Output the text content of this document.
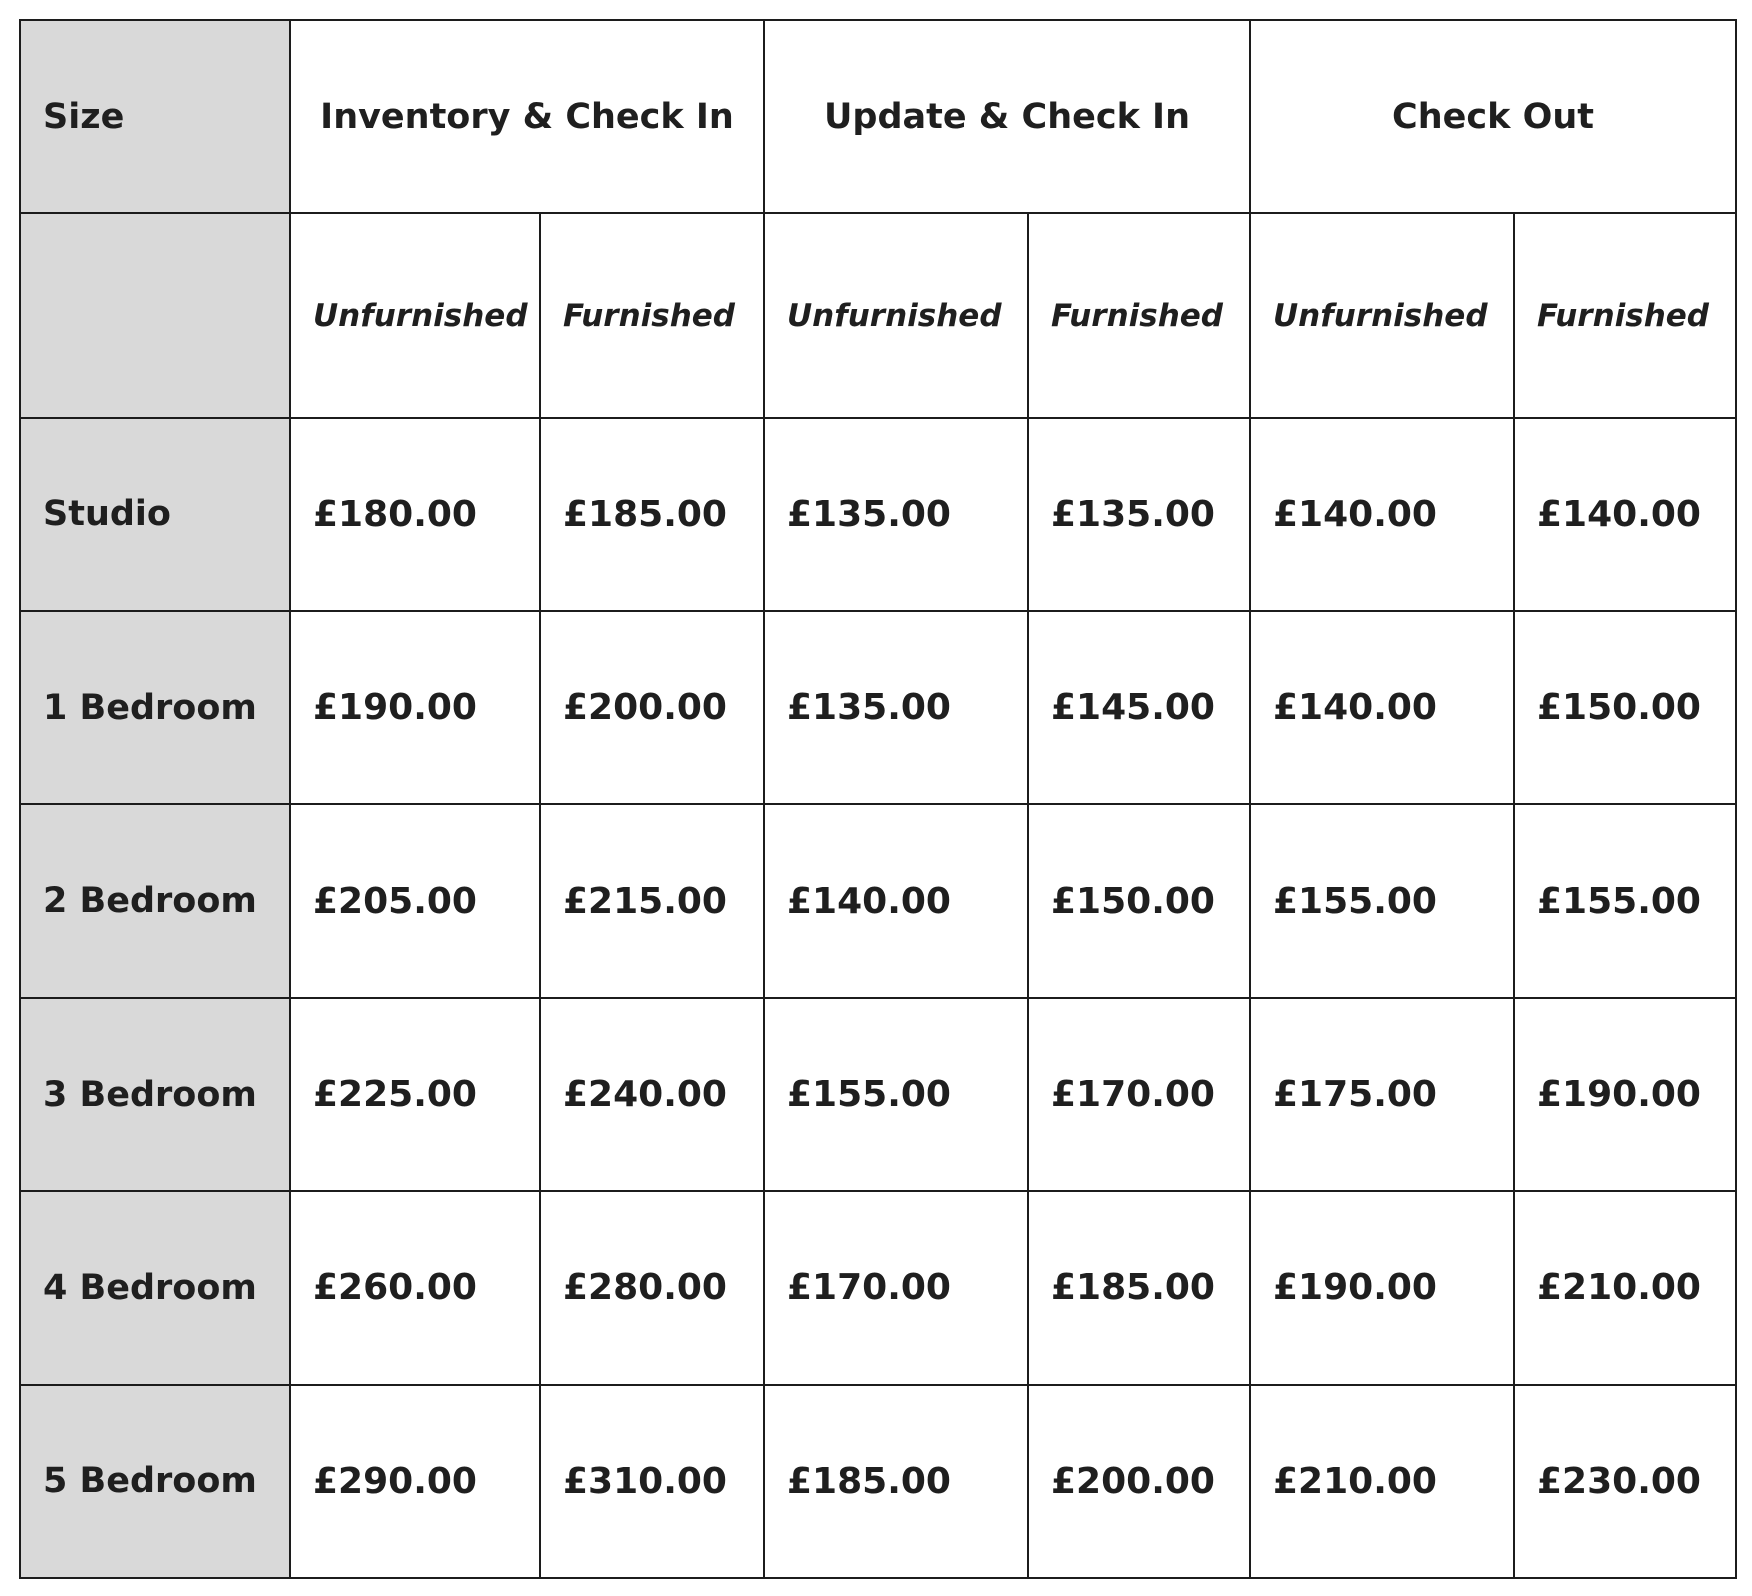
Size	Inventory & Check In		Update & Check In		Check Out	
	Unfurnished	Furnished	Unfurnished	Furnished	Unfurnished	Furnished
Studio	£180.00	£185.00	£135.00	£135.00	£140.00	£140.00
1 Bedroom	£190.00	£200.00	£135.00	£145.00	£140.00	£150.00
2 Bedroom	£205.00	£215.00	£140.00	£150.00	£155.00	£155.00
3 Bedroom	£225.00	£240.00	£155.00	£170.00	£175.00	£190.00
4 Bedroom	£260.00	£280.00	£170.00	£185.00	£190.00	£210.00
5 Bedroom	£290.00	£310.00	£185.00	£200.00	£210.00	£230.00
